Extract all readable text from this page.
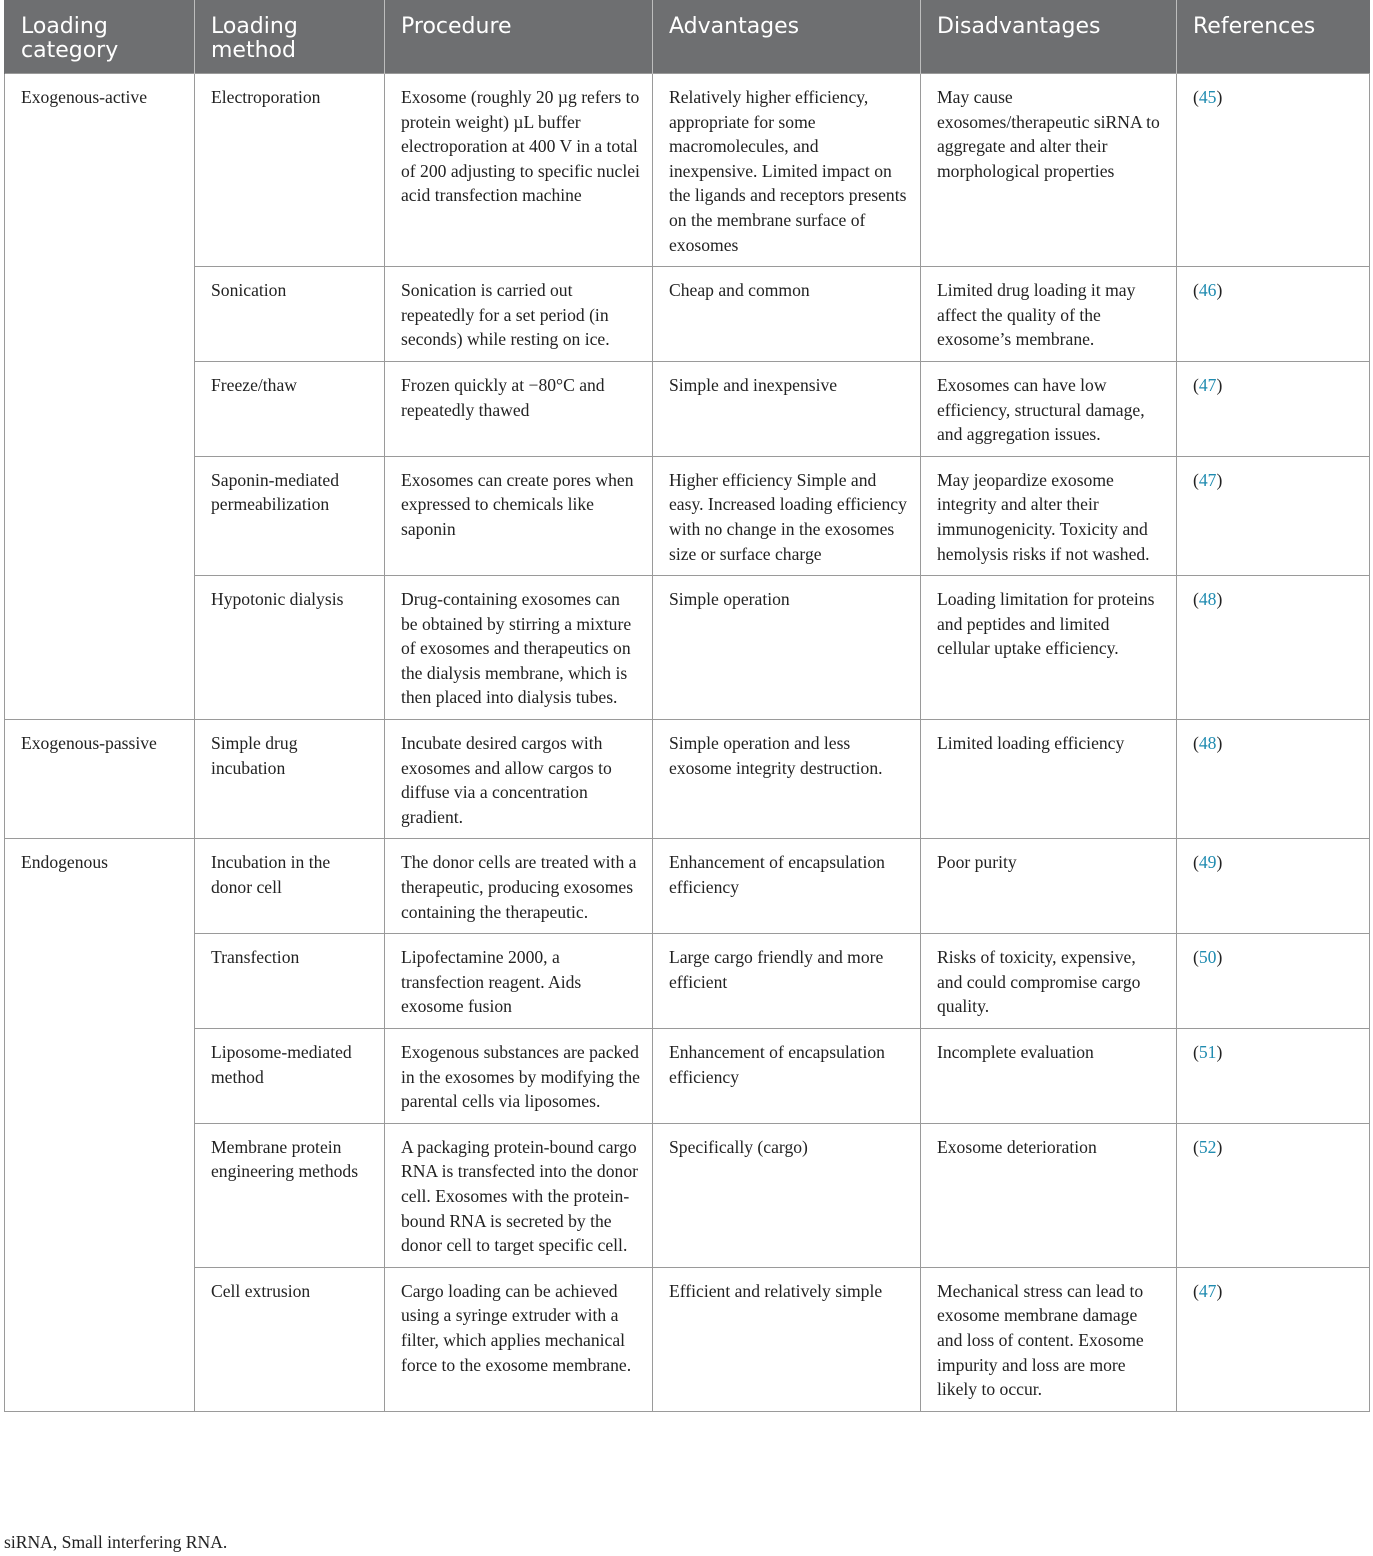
Loading category	Loading method	Procedure	Advantages	Disadvantages	References
Exogenous-active	Electroporation	Exosome (roughly 20 µg refers to protein weight) µL buffer electroporation at 400 V in a total of 200 adjusting to specific nuclei acid transfection machine	Relatively higher efficiency, appropriate for some macromolecules, and inexpensive. Limited impact on the ligands and receptors presents on the membrane surface of exosomes	May cause exosomes/therapeutic siRNA to aggregate and alter their morphological properties	(45)
	Sonication	Sonication is carried out repeatedly for a set period (in seconds) while resting on ice.	Cheap and common	Limited drug loading it may affect the quality of the exosome’s membrane.	(46)
	Freeze/thaw	Frozen quickly at −80°C and repeatedly thawed	Simple and inexpensive	Exosomes can have low efficiency, structural damage, and aggregation issues.	(47)
	Saponin-mediated permeabilization	Exosomes can create pores when expressed to chemicals like saponin	Higher efficiency Simple and easy. Increased loading efficiency with no change in the exosomes size or surface charge	May jeopardize exosome integrity and alter their immunogenicity. Toxicity and hemolysis risks if not washed.	(47)
	Hypotonic dialysis	Drug-containing exosomes can be obtained by stirring a mixture of exosomes and therapeutics on the dialysis membrane, which is then placed into dialysis tubes.	Simple operation	Loading limitation for proteins and peptides and limited cellular uptake efficiency.	(48)
Exogenous-passive	Simple drug incubation	Incubate desired cargos with exosomes and allow cargos to diffuse via a concentration gradient.	Simple operation and less exosome integrity destruction.	Limited loading efficiency	(48)
Endogenous	Incubation in the donor cell	The donor cells are treated with a therapeutic, producing exosomes containing the therapeutic.	Enhancement of encapsulation efficiency	Poor purity	(49)
	Transfection	Lipofectamine 2000, a transfection reagent. Aids exosome fusion	Large cargo friendly and more efficient	Risks of toxicity, expensive, and could compromise cargo quality.	(50)
	Liposome-mediated method	Exogenous substances are packed in the exosomes by modifying the parental cells via liposomes.	Enhancement of encapsulation efficiency	Incomplete evaluation	(51)
	Membrane protein engineering methods	A packaging protein-bound cargo RNA is transfected into the donor cell. Exosomes with the protein-bound RNA is secreted by the donor cell to target specific cell.	Specifically (cargo)	Exosome deterioration	(52)
	Cell extrusion	Cargo loading can be achieved using a syringe extruder with a filter, which applies mechanical force to the exosome membrane.	Efficient and relatively simple	Mechanical stress can lead to exosome membrane damage and loss of content. Exosome impurity and loss are more likely to occur.	(47)
siRNA, Small interfering RNA.
